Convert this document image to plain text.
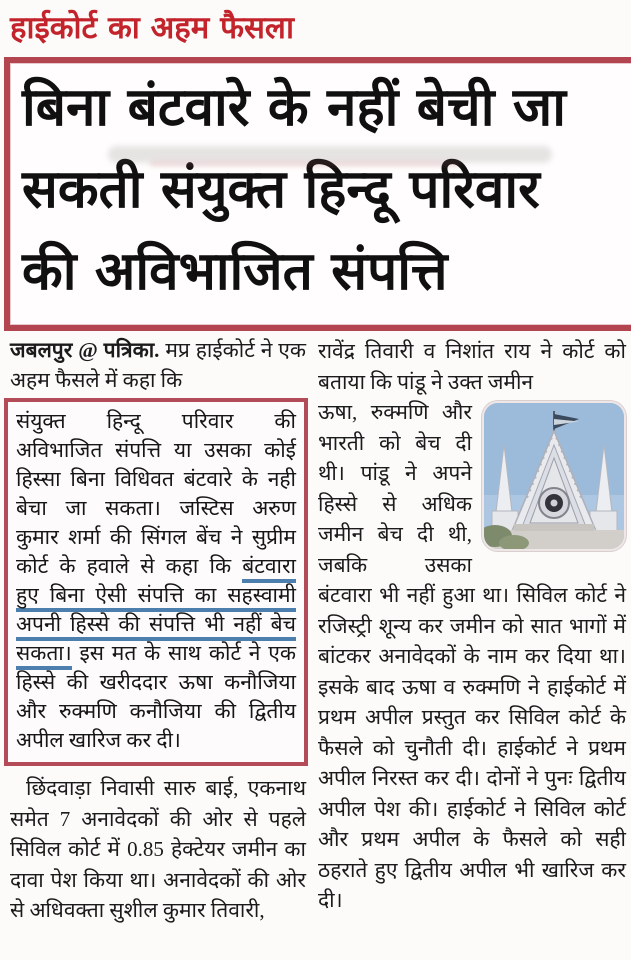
हाईकोर्ट का अहम फैसला
बिना बंटवारे के नहीं बेची जा
सकती संयुक्त हिन्दू परिवार
की अविभाजित संपत्ति

जबलपुर @ पत्रिका. मप्र हाईकोर्ट ने एक अहम फैसले में कहा कि

संयुक्त हिन्दू परिवार की
अविभाजित संपत्ति या उसका कोई
हिस्सा बिना विधिवत बंटवारे के नही
बेचा जा सकता। जस्टिस अरुण
कुमार शर्मा की सिंगल बेंच ने सुप्रीम
कोर्ट के हवाले से कहा कि बंटवारा
हुए बिना ऐसी संपत्ति का सहस्वामी
अपनी हिस्से की संपत्ति भी नहीं बेच
सकता। इस मत के साथ कोर्ट ने एक
हिस्से की खरीददार ऊषा कनौजिया
और रुक्मणि कनौजिया की द्वितीय
अपील खारिज कर दी।

छिंदवाड़ा निवासी सारु बाई, एकनाथ समेत 7 अनावेदकों की ओर से पहले सिविल कोर्ट में 0.85 हेक्टेयर जमीन का दावा पेश किया था। अनावेदकों की ओर से अधिवक्ता सुशील कुमार तिवारी,

रावेंद्र तिवारी व निशांत राय ने कोर्ट को बताया कि पांडू ने उक्त जमीन

ऊषा, रुक्मणि और भारती को बेच दी थी। पांडू ने अपने हिस्से से अधिक जमीन बेच दी थी, जबकि उसका बंटवारा भी नहीं हुआ था। सिविल कोर्ट ने रजिस्ट्री शून्य कर जमीन को सात भागों में बांटकर अनावेदकों के नाम कर दिया था। इसके बाद ऊषा व रुक्मणि ने हाईकोर्ट में प्रथम अपील प्रस्तुत कर सिविल कोर्ट के फैसले को चुनौती दी। हाईकोर्ट ने प्रथम अपील निरस्त कर दी। दोनों ने पुनः द्वितीय अपील पेश की। हाईकोर्ट ने सिविल कोर्ट और प्रथम अपील के फैसले को सही ठहराते हुए द्वितीय अपील भी खारिज कर दी।
